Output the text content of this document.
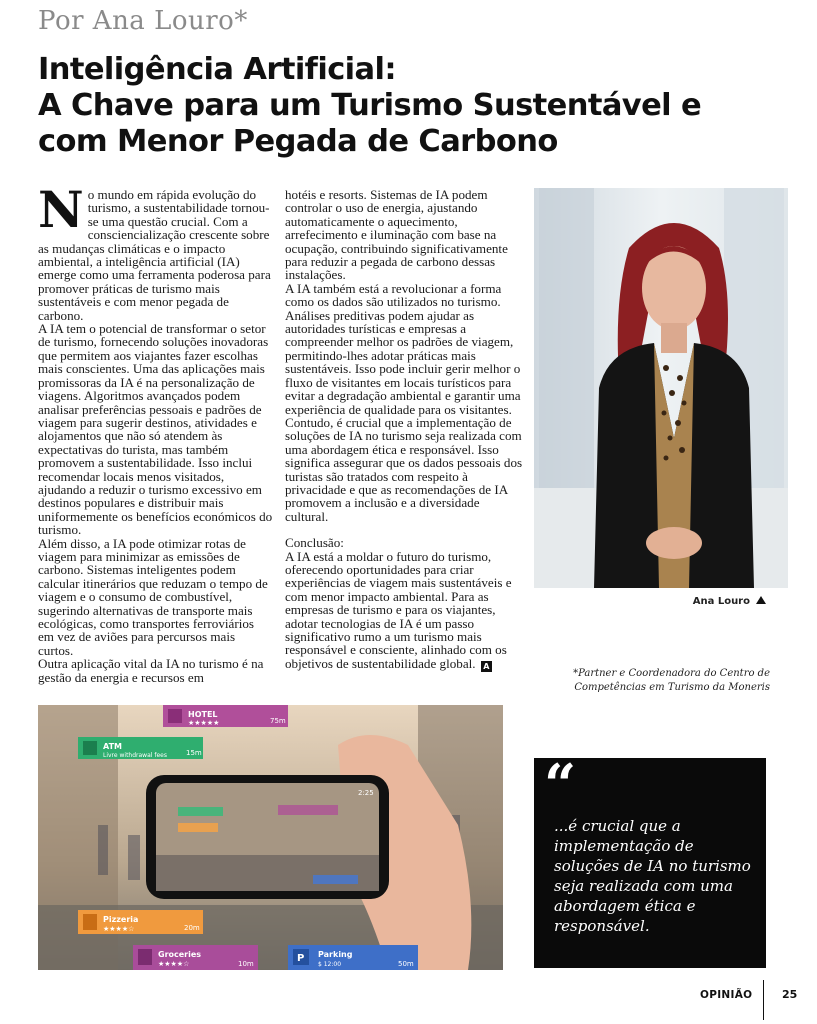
Por Ana Louro*
Inteligência Artificial:
A Chave para um Turismo Sustentável e
com Menor Pegada de Carbono

No mundo em rápida evolução do turismo, a sustentabilidade tornou-se uma questão crucial. Com a consciencialização crescente sobre as mudanças climáticas e o impacto ambiental, a inteligência artificial (IA) emerge como uma ferramenta poderosa para promover práticas de turismo mais sustentáveis e com menor pegada de carbono.

A IA tem o potencial de transformar o setor de turismo, fornecendo soluções inovadoras que permitem aos viajantes fazer escolhas mais conscientes. Uma das aplicações mais promissoras da IA é na personalização de viagens. Algoritmos avançados podem analisar preferências pessoais e padrões de viagem para sugerir destinos, atividades e alojamentos que não só atendem às expectativas do turista, mas também promovem a sustentabilidade. Isso inclui recomendar locais menos visitados, ajudando a reduzir o turismo excessivo em destinos populares e distribuir mais uniformemente os benefícios económicos do turismo.

Além disso, a IA pode otimizar rotas de viagem para minimizar as emissões de carbono. Sistemas inteligentes podem calcular itinerários que reduzam o tempo de viagem e o consumo de combustível, sugerindo alternativas de transporte mais ecológicas, como transportes ferroviários em vez de aviões para percursos mais curtos.

Outra aplicação vital da IA no turismo é na gestão da energia e recursos em

hotéis e resorts. Sistemas de IA podem controlar o uso de energia, ajustando automaticamente o aquecimento, arrefecimento e iluminação com base na ocupação, contribuindo significativamente para reduzir a pegada de carbono dessas instalações.

A IA também está a revolucionar a forma como os dados são utilizados no turismo. Análises preditivas podem ajudar as autoridades turísticas e empresas a compreender melhor os padrões de viagem, permitindo-lhes adotar práticas mais sustentáveis. Isso pode incluir gerir melhor o fluxo de visitantes em locais turísticos para evitar a degradação ambiental e garantir uma experiência de qualidade para os visitantes.

Contudo, é crucial que a implementação de soluções de IA no turismo seja realizada com uma abordagem ética e responsável. Isso significa assegurar que os dados pessoais dos turistas são tratados com respeito à privacidade e que as recomendações de IA promovem a inclusão e a diversidade cultural.

Conclusão:

A IA está a moldar o futuro do turismo, oferecendo oportunidades para criar experiências de viagem mais sustentáveis e com menor impacto ambiental. Para as empresas de turismo e para os viajantes, adotar tecnologias de IA é um passo significativo rumo a um turismo mais responsável e consciente, alinhado com os objetivos de sustentabilidade global. A

Ana Louro
*Partner e Coordenadora do Centro de Competências em Turismo da Moneris
2:25
HOTEL
★★★★★	75m
ATM
Livre withdrawal fees	15m
Pizzeria
★★★★☆	20m
Groceries
★★★★☆	10m	P Parking
$ 12:00	50m
“
...é crucial que a implementação de soluções de IA no turismo seja realizada com uma abordagem ética e responsável.
OPINIÃO	25
